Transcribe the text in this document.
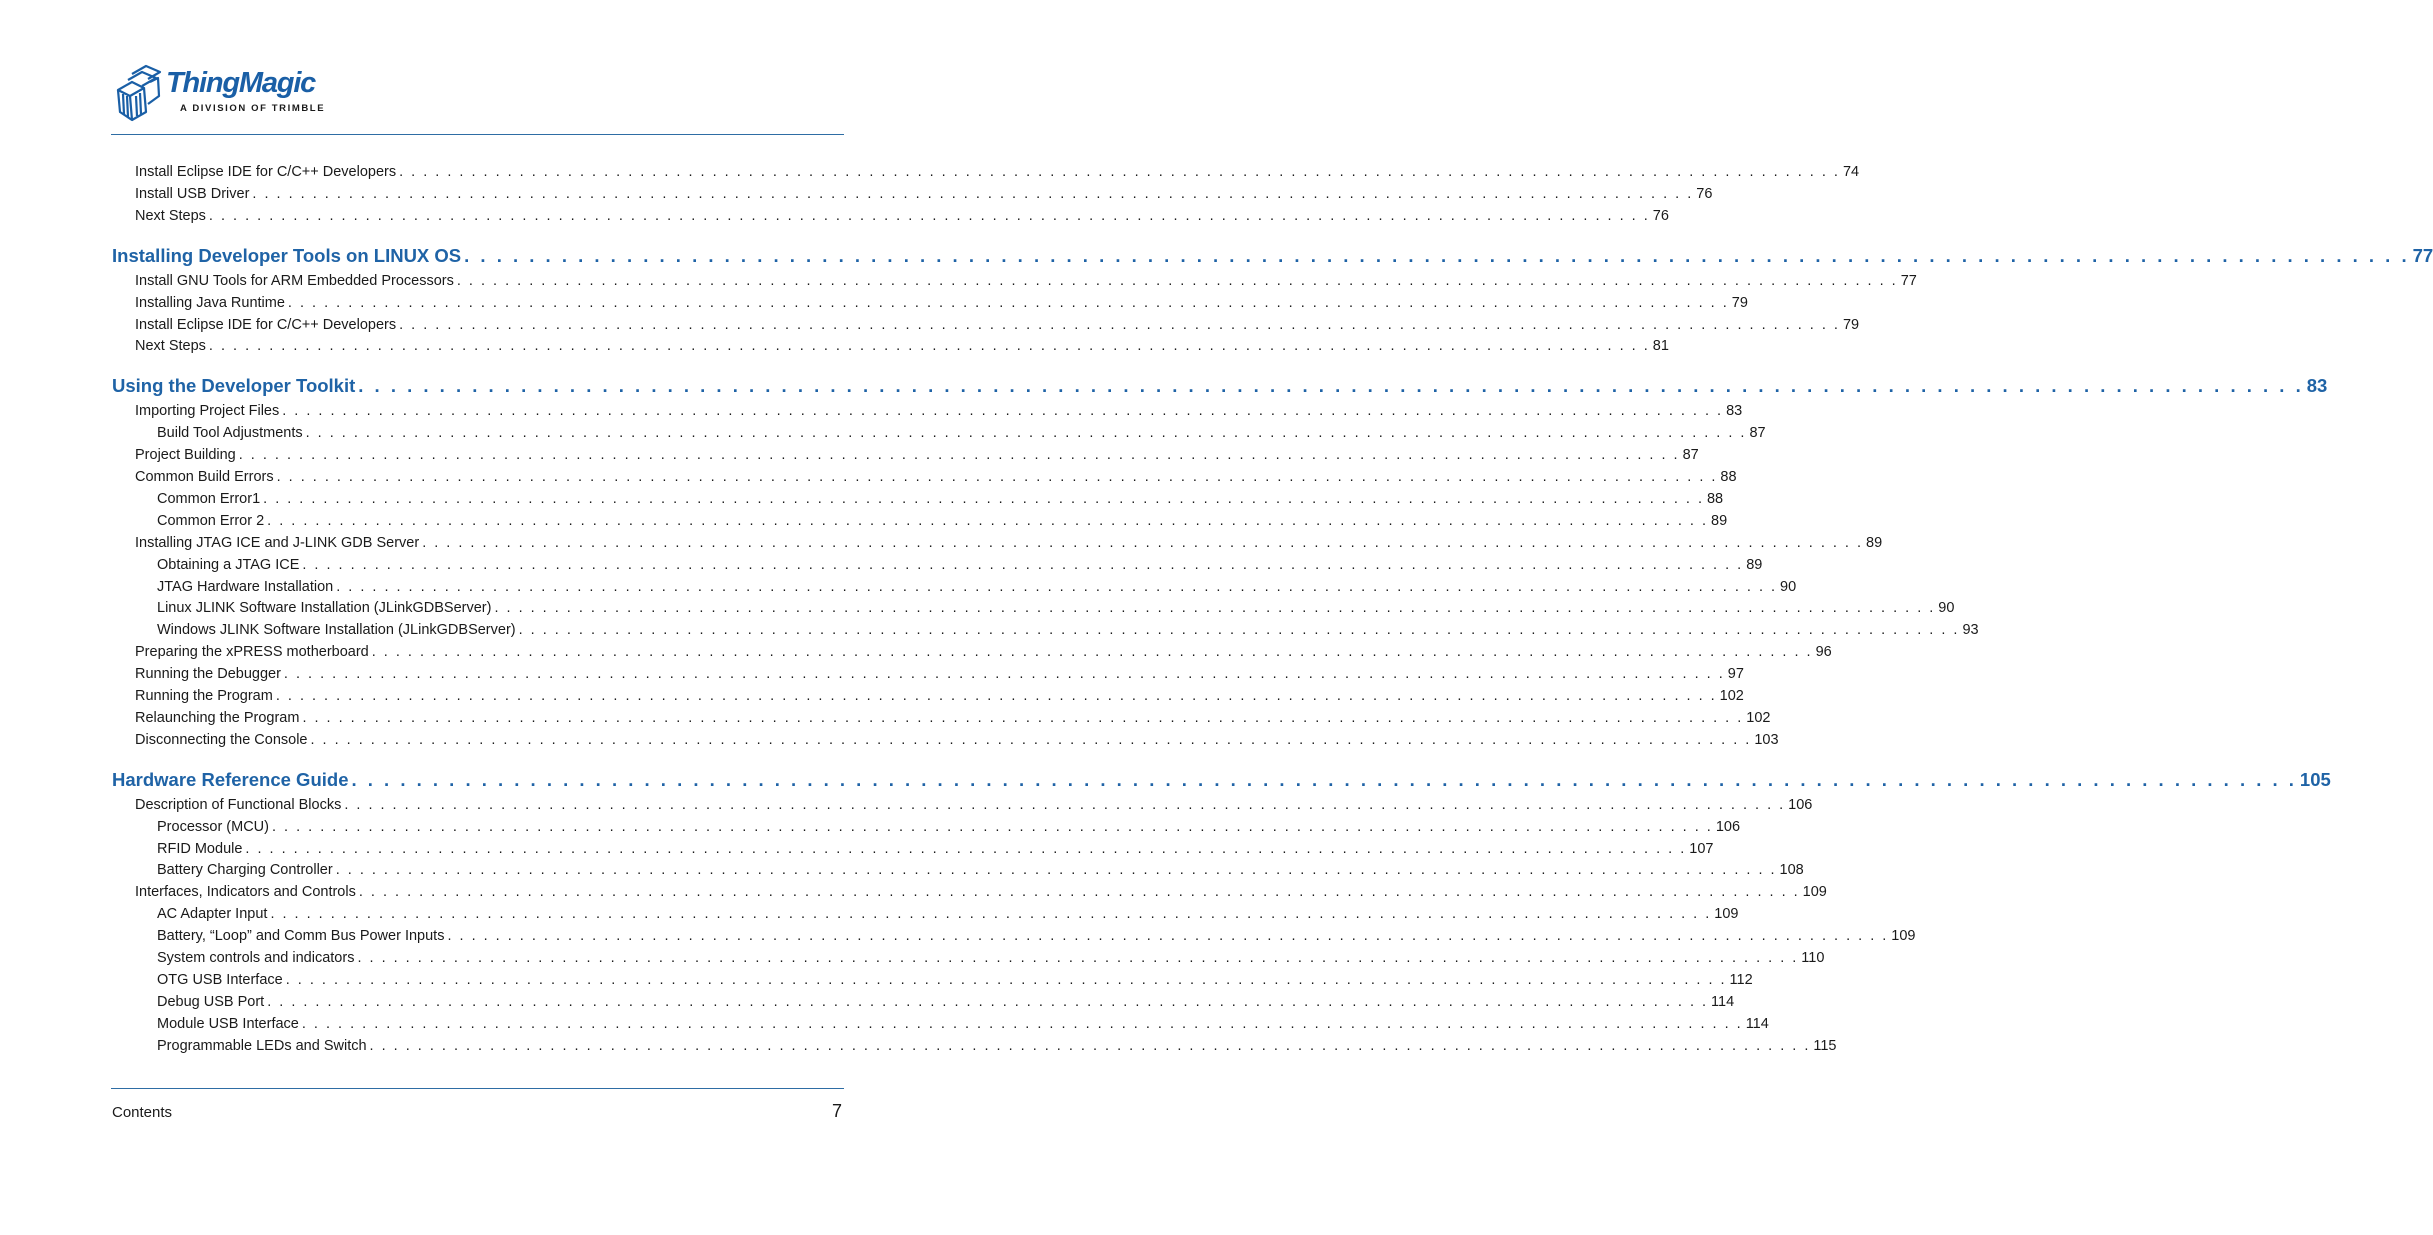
ThingMagic
A DIVISION OF TRIMBLE
Install Eclipse IDE for C/C++ Developers . . . . . . . . . . . . . . . . . . . . . . . . . . . . . . . . . . . . . . . . . . . . . . . . . . . . . . . . . . . . . . . . . . . . . . . . . . . . . . . . . . . . . . . . . . . . . . . . . . . . . . . . . . . . . . . . . . . . . . . . 74
Install USB Driver . . . . . . . . . . . . . . . . . . . . . . . . . . . . . . . . . . . . . . . . . . . . . . . . . . . . . . . . . . . . . . . . . . . . . . . . . . . . . . . . . . . . . . . . . . . . . . . . . . . . . . . . . . . . . . . . . . . . . . . . 76
Next Steps . . . . . . . . . . . . . . . . . . . . . . . . . . . . . . . . . . . . . . . . . . . . . . . . . . . . . . . . . . . . . . . . . . . . . . . . . . . . . . . . . . . . . . . . . . . . . . . . . . . . . . . . . . . . . . . . . . . . . . . . 76
Installing Developer Tools on LINUX OS . . . . . . . . . . . . . . . . . . . . . . . . . . . . . . . . . . . . . . . . . . . . . . . . . . . . . . . . . . . . . . . . . . . . . . . . . . . . . . . . . . . . . . . . . . . . . . . . . . . . . . . . . . . . . . . . . . . . . . . . 77
Install GNU Tools for ARM Embedded Processors . . . . . . . . . . . . . . . . . . . . . . . . . . . . . . . . . . . . . . . . . . . . . . . . . . . . . . . . . . . . . . . . . . . . . . . . . . . . . . . . . . . . . . . . . . . . . . . . . . . . . . . . . . . . . . . . . . . . . . . . 77
Installing Java Runtime . . . . . . . . . . . . . . . . . . . . . . . . . . . . . . . . . . . . . . . . . . . . . . . . . . . . . . . . . . . . . . . . . . . . . . . . . . . . . . . . . . . . . . . . . . . . . . . . . . . . . . . . . . . . . . . . . . . . . . . . 79
Install Eclipse IDE for C/C++ Developers . . . . . . . . . . . . . . . . . . . . . . . . . . . . . . . . . . . . . . . . . . . . . . . . . . . . . . . . . . . . . . . . . . . . . . . . . . . . . . . . . . . . . . . . . . . . . . . . . . . . . . . . . . . . . . . . . . . . . . . . 79
Next Steps . . . . . . . . . . . . . . . . . . . . . . . . . . . . . . . . . . . . . . . . . . . . . . . . . . . . . . . . . . . . . . . . . . . . . . . . . . . . . . . . . . . . . . . . . . . . . . . . . . . . . . . . . . . . . . . . . . . . . . . . 81
Using the Developer Toolkit . . . . . . . . . . . . . . . . . . . . . . . . . . . . . . . . . . . . . . . . . . . . . . . . . . . . . . . . . . . . . . . . . . . . . . . . . . . . . . . . . . . . . . . . . . . . . . . . . . . . . . . . . . . . . . . . . . . . . . . . 83
Importing Project Files . . . . . . . . . . . . . . . . . . . . . . . . . . . . . . . . . . . . . . . . . . . . . . . . . . . . . . . . . . . . . . . . . . . . . . . . . . . . . . . . . . . . . . . . . . . . . . . . . . . . . . . . . . . . . . . . . . . . . . . . 83
Build Tool Adjustments . . . . . . . . . . . . . . . . . . . . . . . . . . . . . . . . . . . . . . . . . . . . . . . . . . . . . . . . . . . . . . . . . . . . . . . . . . . . . . . . . . . . . . . . . . . . . . . . . . . . . . . . . . . . . . . . . . . . . . . . 87
Project Building . . . . . . . . . . . . . . . . . . . . . . . . . . . . . . . . . . . . . . . . . . . . . . . . . . . . . . . . . . . . . . . . . . . . . . . . . . . . . . . . . . . . . . . . . . . . . . . . . . . . . . . . . . . . . . . . . . . . . . . . 87
Common Build Errors . . . . . . . . . . . . . . . . . . . . . . . . . . . . . . . . . . . . . . . . . . . . . . . . . . . . . . . . . . . . . . . . . . . . . . . . . . . . . . . . . . . . . . . . . . . . . . . . . . . . . . . . . . . . . . . . . . . . . . . . 88
Common Error1 . . . . . . . . . . . . . . . . . . . . . . . . . . . . . . . . . . . . . . . . . . . . . . . . . . . . . . . . . . . . . . . . . . . . . . . . . . . . . . . . . . . . . . . . . . . . . . . . . . . . . . . . . . . . . . . . . . . . . . . . 88
Common Error 2 . . . . . . . . . . . . . . . . . . . . . . . . . . . . . . . . . . . . . . . . . . . . . . . . . . . . . . . . . . . . . . . . . . . . . . . . . . . . . . . . . . . . . . . . . . . . . . . . . . . . . . . . . . . . . . . . . . . . . . . . 89
Installing JTAG ICE and J-LINK GDB Server . . . . . . . . . . . . . . . . . . . . . . . . . . . . . . . . . . . . . . . . . . . . . . . . . . . . . . . . . . . . . . . . . . . . . . . . . . . . . . . . . . . . . . . . . . . . . . . . . . . . . . . . . . . . . . . . . . . . . . . . 89
Obtaining a JTAG ICE . . . . . . . . . . . . . . . . . . . . . . . . . . . . . . . . . . . . . . . . . . . . . . . . . . . . . . . . . . . . . . . . . . . . . . . . . . . . . . . . . . . . . . . . . . . . . . . . . . . . . . . . . . . . . . . . . . . . . . . . 89
JTAG Hardware Installation . . . . . . . . . . . . . . . . . . . . . . . . . . . . . . . . . . . . . . . . . . . . . . . . . . . . . . . . . . . . . . . . . . . . . . . . . . . . . . . . . . . . . . . . . . . . . . . . . . . . . . . . . . . . . . . . . . . . . . . . 90
Linux JLINK Software Installation (JLinkGDBServer) . . . . . . . . . . . . . . . . . . . . . . . . . . . . . . . . . . . . . . . . . . . . . . . . . . . . . . . . . . . . . . . . . . . . . . . . . . . . . . . . . . . . . . . . . . . . . . . . . . . . . . . . . . . . . . . . . . . . . . . . 90
Windows JLINK Software Installation (JLinkGDBServer) . . . . . . . . . . . . . . . . . . . . . . . . . . . . . . . . . . . . . . . . . . . . . . . . . . . . . . . . . . . . . . . . . . . . . . . . . . . . . . . . . . . . . . . . . . . . . . . . . . . . . . . . . . . . . . . . . . . . . . . . 93
Preparing the xPRESS motherboard . . . . . . . . . . . . . . . . . . . . . . . . . . . . . . . . . . . . . . . . . . . . . . . . . . . . . . . . . . . . . . . . . . . . . . . . . . . . . . . . . . . . . . . . . . . . . . . . . . . . . . . . . . . . . . . . . . . . . . . . 96
Running the Debugger . . . . . . . . . . . . . . . . . . . . . . . . . . . . . . . . . . . . . . . . . . . . . . . . . . . . . . . . . . . . . . . . . . . . . . . . . . . . . . . . . . . . . . . . . . . . . . . . . . . . . . . . . . . . . . . . . . . . . . . . 97
Running the Program . . . . . . . . . . . . . . . . . . . . . . . . . . . . . . . . . . . . . . . . . . . . . . . . . . . . . . . . . . . . . . . . . . . . . . . . . . . . . . . . . . . . . . . . . . . . . . . . . . . . . . . . . . . . . . . . . . . . . . . . 102
Relaunching the Program . . . . . . . . . . . . . . . . . . . . . . . . . . . . . . . . . . . . . . . . . . . . . . . . . . . . . . . . . . . . . . . . . . . . . . . . . . . . . . . . . . . . . . . . . . . . . . . . . . . . . . . . . . . . . . . . . . . . . . . . 102
Disconnecting the Console . . . . . . . . . . . . . . . . . . . . . . . . . . . . . . . . . . . . . . . . . . . . . . . . . . . . . . . . . . . . . . . . . . . . . . . . . . . . . . . . . . . . . . . . . . . . . . . . . . . . . . . . . . . . . . . . . . . . . . . . 103
Hardware Reference Guide . . . . . . . . . . . . . . . . . . . . . . . . . . . . . . . . . . . . . . . . . . . . . . . . . . . . . . . . . . . . . . . . . . . . . . . . . . . . . . . . . . . . . . . . . . . . . . . . . . . . . . . . . . . . . . . . . . . . . . . . 105
Description of Functional Blocks . . . . . . . . . . . . . . . . . . . . . . . . . . . . . . . . . . . . . . . . . . . . . . . . . . . . . . . . . . . . . . . . . . . . . . . . . . . . . . . . . . . . . . . . . . . . . . . . . . . . . . . . . . . . . . . . . . . . . . . . 106
Processor (MCU) . . . . . . . . . . . . . . . . . . . . . . . . . . . . . . . . . . . . . . . . . . . . . . . . . . . . . . . . . . . . . . . . . . . . . . . . . . . . . . . . . . . . . . . . . . . . . . . . . . . . . . . . . . . . . . . . . . . . . . . . 106
RFID Module . . . . . . . . . . . . . . . . . . . . . . . . . . . . . . . . . . . . . . . . . . . . . . . . . . . . . . . . . . . . . . . . . . . . . . . . . . . . . . . . . . . . . . . . . . . . . . . . . . . . . . . . . . . . . . . . . . . . . . . . 107
Battery Charging Controller . . . . . . . . . . . . . . . . . . . . . . . . . . . . . . . . . . . . . . . . . . . . . . . . . . . . . . . . . . . . . . . . . . . . . . . . . . . . . . . . . . . . . . . . . . . . . . . . . . . . . . . . . . . . . . . . . . . . . . . . 108
Interfaces, Indicators and Controls . . . . . . . . . . . . . . . . . . . . . . . . . . . . . . . . . . . . . . . . . . . . . . . . . . . . . . . . . . . . . . . . . . . . . . . . . . . . . . . . . . . . . . . . . . . . . . . . . . . . . . . . . . . . . . . . . . . . . . . . 109
AC Adapter Input . . . . . . . . . . . . . . . . . . . . . . . . . . . . . . . . . . . . . . . . . . . . . . . . . . . . . . . . . . . . . . . . . . . . . . . . . . . . . . . . . . . . . . . . . . . . . . . . . . . . . . . . . . . . . . . . . . . . . . . . 109
Battery, “Loop” and Comm Bus Power Inputs . . . . . . . . . . . . . . . . . . . . . . . . . . . . . . . . . . . . . . . . . . . . . . . . . . . . . . . . . . . . . . . . . . . . . . . . . . . . . . . . . . . . . . . . . . . . . . . . . . . . . . . . . . . . . . . . . . . . . . . . 109
System controls and indicators . . . . . . . . . . . . . . . . . . . . . . . . . . . . . . . . . . . . . . . . . . . . . . . . . . . . . . . . . . . . . . . . . . . . . . . . . . . . . . . . . . . . . . . . . . . . . . . . . . . . . . . . . . . . . . . . . . . . . . . . 110
OTG USB Interface . . . . . . . . . . . . . . . . . . . . . . . . . . . . . . . . . . . . . . . . . . . . . . . . . . . . . . . . . . . . . . . . . . . . . . . . . . . . . . . . . . . . . . . . . . . . . . . . . . . . . . . . . . . . . . . . . . . . . . . . 112
Debug USB Port . . . . . . . . . . . . . . . . . . . . . . . . . . . . . . . . . . . . . . . . . . . . . . . . . . . . . . . . . . . . . . . . . . . . . . . . . . . . . . . . . . . . . . . . . . . . . . . . . . . . . . . . . . . . . . . . . . . . . . . . 114
Module USB Interface . . . . . . . . . . . . . . . . . . . . . . . . . . . . . . . . . . . . . . . . . . . . . . . . . . . . . . . . . . . . . . . . . . . . . . . . . . . . . . . . . . . . . . . . . . . . . . . . . . . . . . . . . . . . . . . . . . . . . . . . 114
Programmable LEDs and Switch . . . . . . . . . . . . . . . . . . . . . . . . . . . . . . . . . . . . . . . . . . . . . . . . . . . . . . . . . . . . . . . . . . . . . . . . . . . . . . . . . . . . . . . . . . . . . . . . . . . . . . . . . . . . . . . . . . . . . . . . 115
Contents	7
